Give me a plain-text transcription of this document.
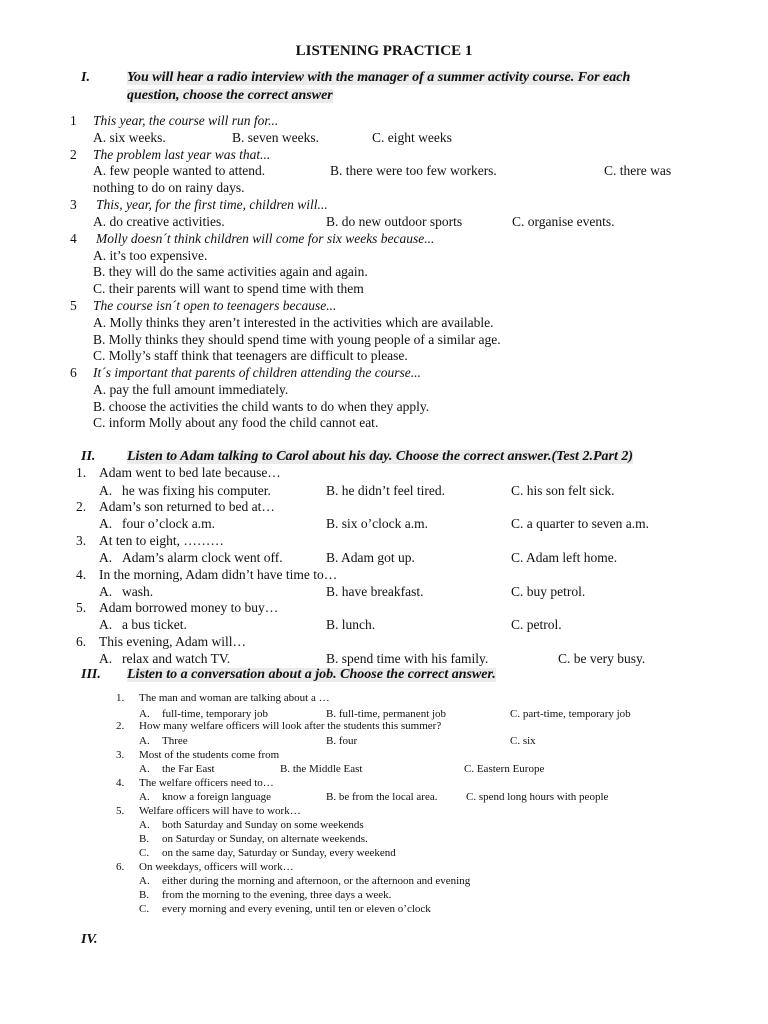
LISTENING PRACTICE 1
I.	You will hear a radio interview with the manager of a summer activity course. For each
question, choose the correct answer
1 This year, the course will run for...
A. six weeks.	B. seven weeks.	C. eight weeks
2 The problem last year was that...
A. few people wanted to attend.	B. there were too few workers.	C. there was
nothing to do on rainy days.
3 This, year, for the first time, children will...
A. do creative activities.	B. do new outdoor sports	C. organise events.
4 Molly doesn´t think children will come for six weeks because...
A. it’s too expensive.
B. they will do the same activities again and again.
C. their parents will want to spend time with them
5 The course isn´t open to teenagers because...
A. Molly thinks they aren’t interested in the activities which are available.
B. Molly thinks they should spend time with young people of a similar age.
C. Molly’s staff think that teenagers are difficult to please.
6 It´s important that parents of children attending the course...
A. pay the full amount immediately.
B. choose the activities the child wants to do when they apply.
C. inform Molly about any food the child cannot eat.
II. Listen to Adam talking to Carol about his day. Choose the correct answer.(Test 2.Part 2)
1. Adam went to bed late because…
A. he was fixing his computer.	B. he didn’t feel tired.	C. his son felt sick.
2. Adam’s son returned to bed at…
A. four o’clock a.m.	B. six o’clock a.m.	C. a quarter to seven a.m.
3. At ten to eight, ………
A. Adam’s alarm clock went off.	B. Adam got up.	C. Adam left home.
4. In the morning, Adam didn’t have time to…
A. wash.	B. have breakfast.	C. buy petrol.
5. Adam borrowed money to buy…
A. a bus ticket.	B. lunch.	C. petrol.
6. This evening, Adam will…
A. relax and watch TV.	B. spend time with his family.	C. be very busy.
III. Listen to a conversation about a job. Choose the correct answer.
1. The man and woman are talking about a …
A. full-time, temporary job	B. full-time, permanent job	C. part-time, temporary job
2. How many welfare officers will look after the students this summer?
A. Three	B. four	C. six
3. Most of the students come from
A. the Far East	B. the Middle East	C. Eastern Europe
4. The welfare officers need to…
A. know a foreign language	B. be from the local area.	C. spend long hours with people
5. Welfare officers will have to work…
A. both Saturday and Sunday on some weekends
B. on Saturday or Sunday, on alternate weekends.
C. on the same day, Saturday or Sunday, every weekend
6. On weekdays, officers will work…
A. either during the morning and afternoon, or the afternoon and evening
B. from the morning to the evening, three days a week.
C. every morning and every evening, until ten or eleven o’clock
IV.
